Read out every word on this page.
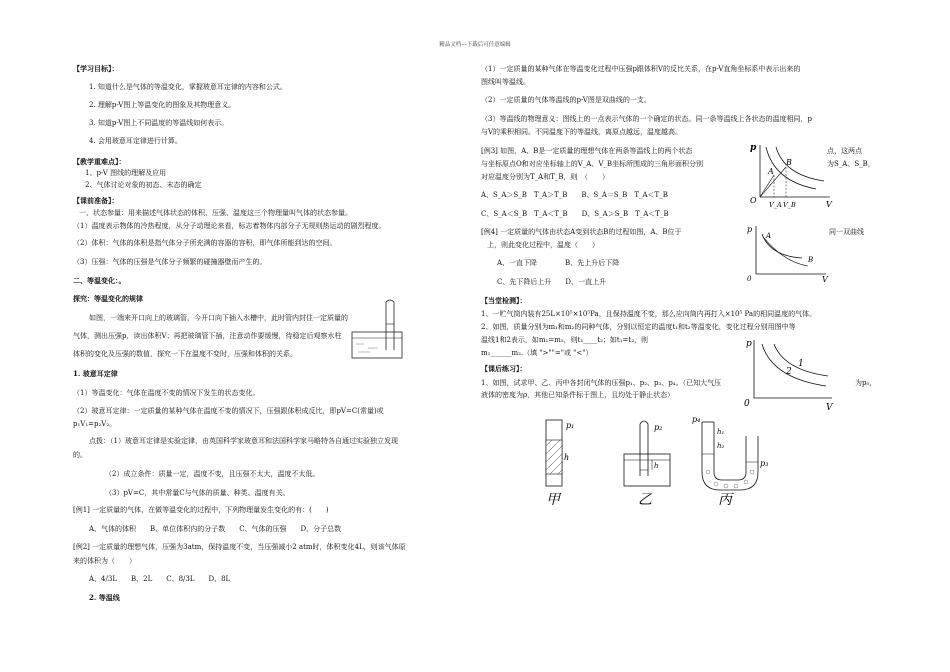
精品文档---下载后可任意编辑
【学习目标】：
1. 知道什么是气体的等温变化，掌握玻意耳定律的内容和公式。
2. 理解p-V图上等温变化的图象及其物理意义。
3. 知道p-V图上不同温度的等温线如何表示。
4. 会用玻意耳定律进行计算。
【教学重难点】：
1、p-V 图线的理解及应用
2、气体讨论对象的初态、末态的确定
【课前准备】：
一、状态参量：用来描述气体状态的体积、压强、温度这三个物理量叫气体的状态参量。
（1）温度表示物体的冷热程度，从分子动理论来看，标志着物体内部分子无规则热运动的剧烈程度。
（2）体积：气体的体积是指气体分子所充满的容器的容积，即气体所能到达的空间。
（3）压强：气体的压强是气体分子频繁的碰撞器壁而产生的。
二、等温变化：。
探究：等温变化的规律
如图，一端来开口向上的玻璃管，今开口向下插入水槽中，此时管内封住一定质量的
气体，测出压强p，读出体积V；再把玻璃管下插，注意动作要缓慢，待稳定后观察水柱
体积的变化及压强的数值，探究一下在温度不变时，压强和体积的关系。
1. 玻意耳定律
（1）等温变化：气体在温度不变的情况下发生的状态变化。
（2）玻意耳定律：一定质量的某种气体在温度不变的情况下，压强跟体积成反比，即pV=C(常量)或
p₁V₁=p₂V₂。
点拨：（1）玻意耳定律是实验定律，由英国科学家玻意耳和法国科学家马略特各自通过实验独立发现
的。
（2）成立条件：质量一定，温度不变，且压强不太大，温度不太低。
（3）pV=C，其中常量C与气体的质量、种类、温度有关。
[例1] 一定质量的气体，在做等温变化的过程中，下列物理量发生变化的有：(　　)
A、气体的体积　　B、单位体积内的分子数　　C、气体的压强　　D、分子总数
[例2] 一定质量的理想气体，压强为3atm，保持温度不变，当压强减小2 atm时，体积变化4L，则该气体原
来的体积为（　　）
A、4/3L　　B、2L　　C、8/3L　　D、8L
2. 等温线
（1）一定质量的某种气体在等温变化过程中压强p跟体积V的反比关系，在p-V直角坐标系中表示出来的
图线叫等温线。
（2）一定质量的气体等温线的p-V图是双曲线的一支。
（3）等温线的物理意义：图线上的一点表示气体的一个确定的状态。同一条等温线上各状态的温度相同，p
与V的乘积相同。不同温度下的等温线，离原点越远，温度越高。
[例3] 如图，A、B是一定质量的理想气体在两条等温线上的两个状态	点，这两点
与坐标原点O和对应坐标轴上的V_A、V_B坐标所围成的三角形面积分别	为S_A、S_B，
对应温度分别为T_A和T_B，则　（　　）
A、S_A＞S_B　T_A＞T_B　　B、S_A＝S_B　T_A＜T_B
C、S_A＜S_B　T_A＜T_B　　D、S_A＞S_B　T_A＜T_B
[例4] 一定质量的气体由状态A变到状态B的过程如图，A、B位于	同一双曲线
上，则此变化过程中，温度（　　）
A、一直下降　　　　B、先上升后下降
C、先下降后上升　　D、一直上升
【当堂检测】：
1、一贮气筒内装有25L×10⁵×10⁵Pa，且保持温度不变，那么应向筒内再打入×10⁵ Pa的相同温度的气体。
2、如图，质量分别为m₁和m₂的同种气体，分别以恒定的温度t₁和t₂等温变化，变化过程分别用图中等
温线1和2表示，如m₁=m₂，则t₁____t₂；如t₁=t₂，则
m₁______m₂.（填 ">""="或 "<"）
【课后练习】：
1、如图，试求甲、乙、丙中各封闭气体的压强p₁、p₂、p₃、p₄。（已知大气压	为p₀，
液体的密度为ρ，其他已知条件标于图上，且均处于静止状态）
p
V
A
B
O V_A V_B
p
V
A
B
0
p
V
0
1
2
p₁
h
甲
p₂
h
乙
p₄
h₁
h₂
p₃
丙
